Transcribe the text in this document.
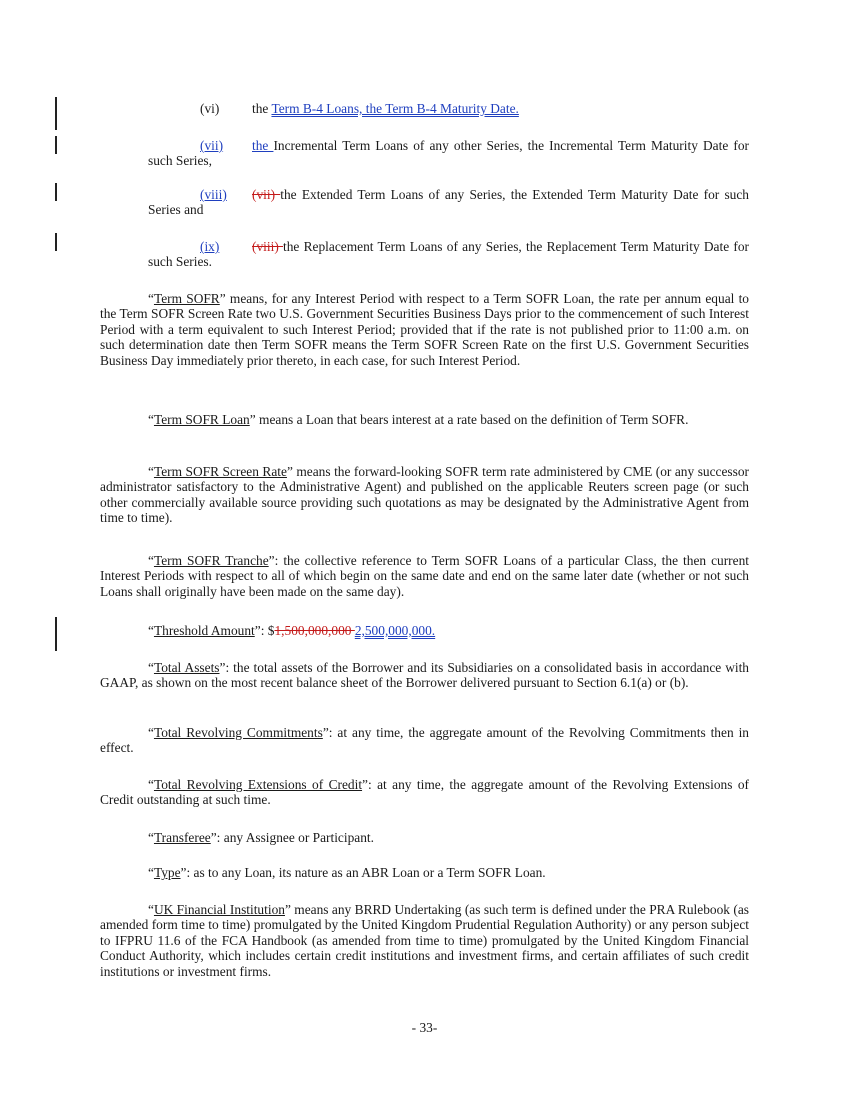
(vi) the Term B-4 Loans, the Term B-4 Maturity Date.

(vii) the Incremental Term Loans of any other Series, the Incremental Term Maturity Date for such Series,

(viii) (vii) the Extended Term Loans of any Series, the Extended Term Maturity Date for such Series and

(ix) (viii) the Replacement Term Loans of any Series, the Replacement Term Maturity Date for such Series.

“Term SOFR” means, for any Interest Period with respect to a Term SOFR Loan, the rate per annum equal to the Term SOFR Screen Rate two U.S. Government Securities Business Days prior to the commencement of such Interest Period with a term equivalent to such Interest Period; provided that if the rate is not published prior to 11:00 a.m. on such determination date then Term SOFR means the Term SOFR Screen Rate on the first U.S. Government Securities Business Day immediately prior thereto, in each case, for such Interest Period.

“Term SOFR Loan” means a Loan that bears interest at a rate based on the definition of Term SOFR.

“Term SOFR Screen Rate” means the forward-looking SOFR term rate administered by CME (or any successor administrator satisfactory to the Administrative Agent) and published on the applicable Reuters screen page (or such other commercially available source providing such quotations as may be designated by the Administrative Agent from time to time).

“Term SOFR Tranche”: the collective reference to Term SOFR Loans of a particular Class, the then current Interest Periods with respect to all of which begin on the same date and end on the same later date (whether or not such Loans shall originally have been made on the same day).

“Threshold Amount”: $1,500,000,000 2,500,000,000.

“Total Assets”: the total assets of the Borrower and its Subsidiaries on a consolidated basis in accordance with GAAP, as shown on the most recent balance sheet of the Borrower delivered pursuant to Section 6.1(a) or (b).

“Total Revolving Commitments”: at any time, the aggregate amount of the Revolving Commitments then in effect.

“Total Revolving Extensions of Credit”: at any time, the aggregate amount of the Revolving Extensions of Credit outstanding at such time.

“Transferee”: any Assignee or Participant.

“Type”: as to any Loan, its nature as an ABR Loan or a Term SOFR Loan.

“UK Financial Institution” means any BRRD Undertaking (as such term is defined under the PRA Rulebook (as amended form time to time) promulgated by the United Kingdom Prudential Regulation Authority) or any person subject to IFPRU 11.6 of the FCA Handbook (as amended from time to time) promulgated by the United Kingdom Financial Conduct Authority, which includes certain credit institutions and investment firms, and certain affiliates of such credit institutions or investment firms.

- 33-
